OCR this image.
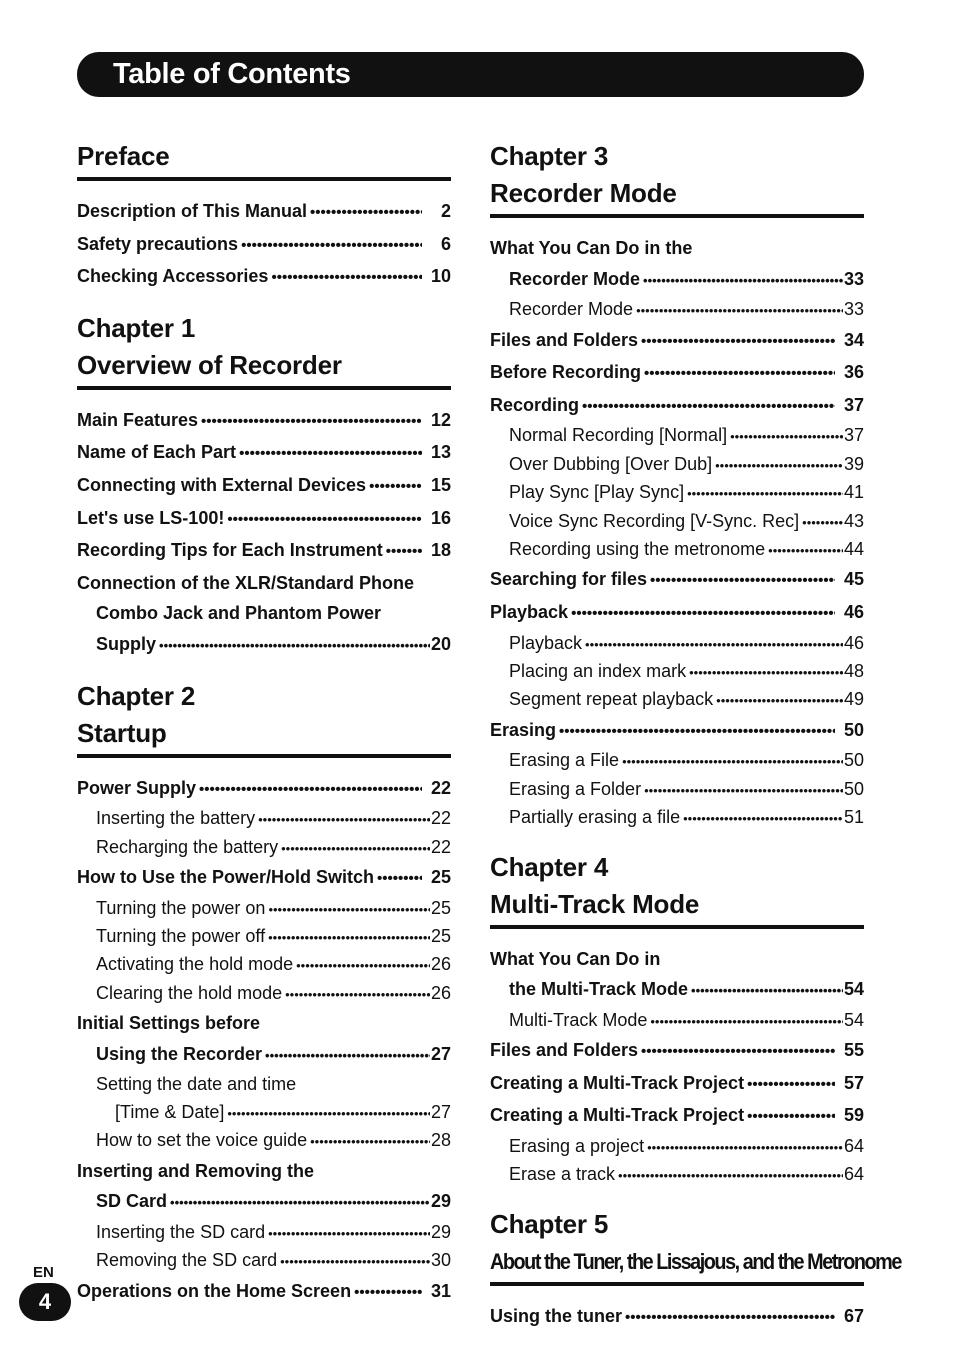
Table of Contents
Preface
Description of This Manual •••••	2
Safety precautions •••••	6
Checking Accessories •••••	10
Chapter 1
Overview of Recorder
Main Features •••••	12
Name of Each Part •••••	13
Connecting with External Devices •••••	15
Let's use LS-100! •••••	16
Recording Tips for Each Instrument •••••	18
Connection of the XLR/Standard Phone
Combo Jack and Phantom Power
Supply •••••	20
Chapter 2
Startup
Power Supply •••••	22
Inserting the battery •••••	22
Recharging the battery •••••	22
How to Use the Power/Hold Switch •••••	25
Turning the power on •••••	25
Turning the power off •••••	25
Activating the hold mode •••••	26
Clearing the hold mode •••••	26
Initial Settings before
Using the Recorder •••••	27
Setting the date and time
[Time & Date] •••••	27
How to set the voice guide •••••	28
Inserting and Removing the
SD Card •••••	29
Inserting the SD card •••••	29
Removing the SD card •••••	30
Operations on the Home Screen •••••	31
Chapter 3
Recorder Mode
What You Can Do in the
Recorder Mode •••••	33
Recorder Mode •••••	33
Files and Folders •••••	34
Before Recording •••••	36
Recording •••••	37
Normal Recording [Normal] •••••	37
Over Dubbing [Over Dub] •••••	39
Play Sync [Play Sync] •••••	41
Voice Sync Recording [V-Sync. Rec] ••••• 43
Recording using the metronome •••••	44
Searching for files •••••	45
Playback •••••	46
Playback •••••	46
Placing an index mark •••••	48
Segment repeat playback •••••	49
Erasing •••••	50
Erasing a File •••••	50
Erasing a Folder •••••	50
Partially erasing a file •••••	51
Chapter 4
Multi-Track Mode
What You Can Do in
the Multi-Track Mode •••••	54
Multi-Track Mode •••••	54
Files and Folders •••••	55
Creating a Multi-Track Project •••••	57
Creating a Multi-Track Project •••••	59
Erasing a project •••••	64
Erase a track •••••	64
Chapter 5
About the Tuner, the Lissajous, and the Metronome
Using the tuner •••••	67
EN
4
